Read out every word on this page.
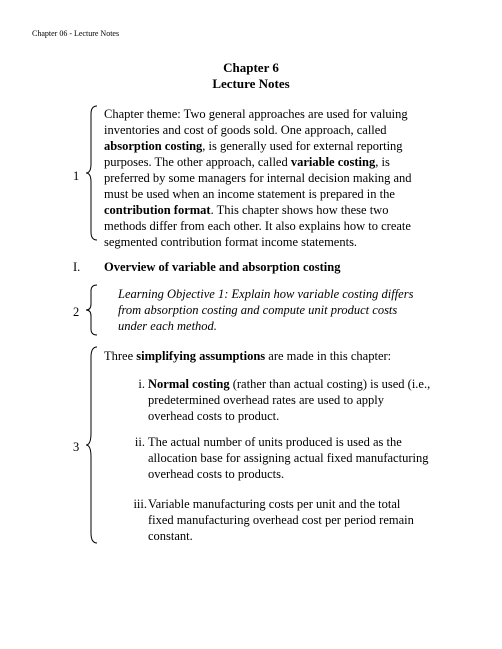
Chapter 06 - Lecture Notes
Chapter 6
Lecture Notes
1
Chapter theme: Two general approaches are used for valuing
inventories and cost of goods sold. One approach, called
absorption costing, is generally used for external reporting
purposes. The other approach, called variable costing, is
preferred by some managers for internal decision making and
must be used when an income statement is prepared in the
contribution format. This chapter shows how these two
methods differ from each other. It also explains how to create
segmented contribution format income statements.
I. Overview of variable and absorption costing
2
Learning Objective 1: Explain how variable costing differs
from absorption costing and compute unit product costs
under each method.
3
Three simplifying assumptions are made in this chapter:
i. Normal costing (rather than actual costing) is used (i.e.,
predetermined overhead rates are used to apply
overhead costs to product.
ii. The actual number of units produced is used as the
allocation base for assigning actual fixed manufacturing
overhead costs to products.
iii. Variable manufacturing costs per unit and the total
fixed manufacturing overhead cost per period remain
constant.
